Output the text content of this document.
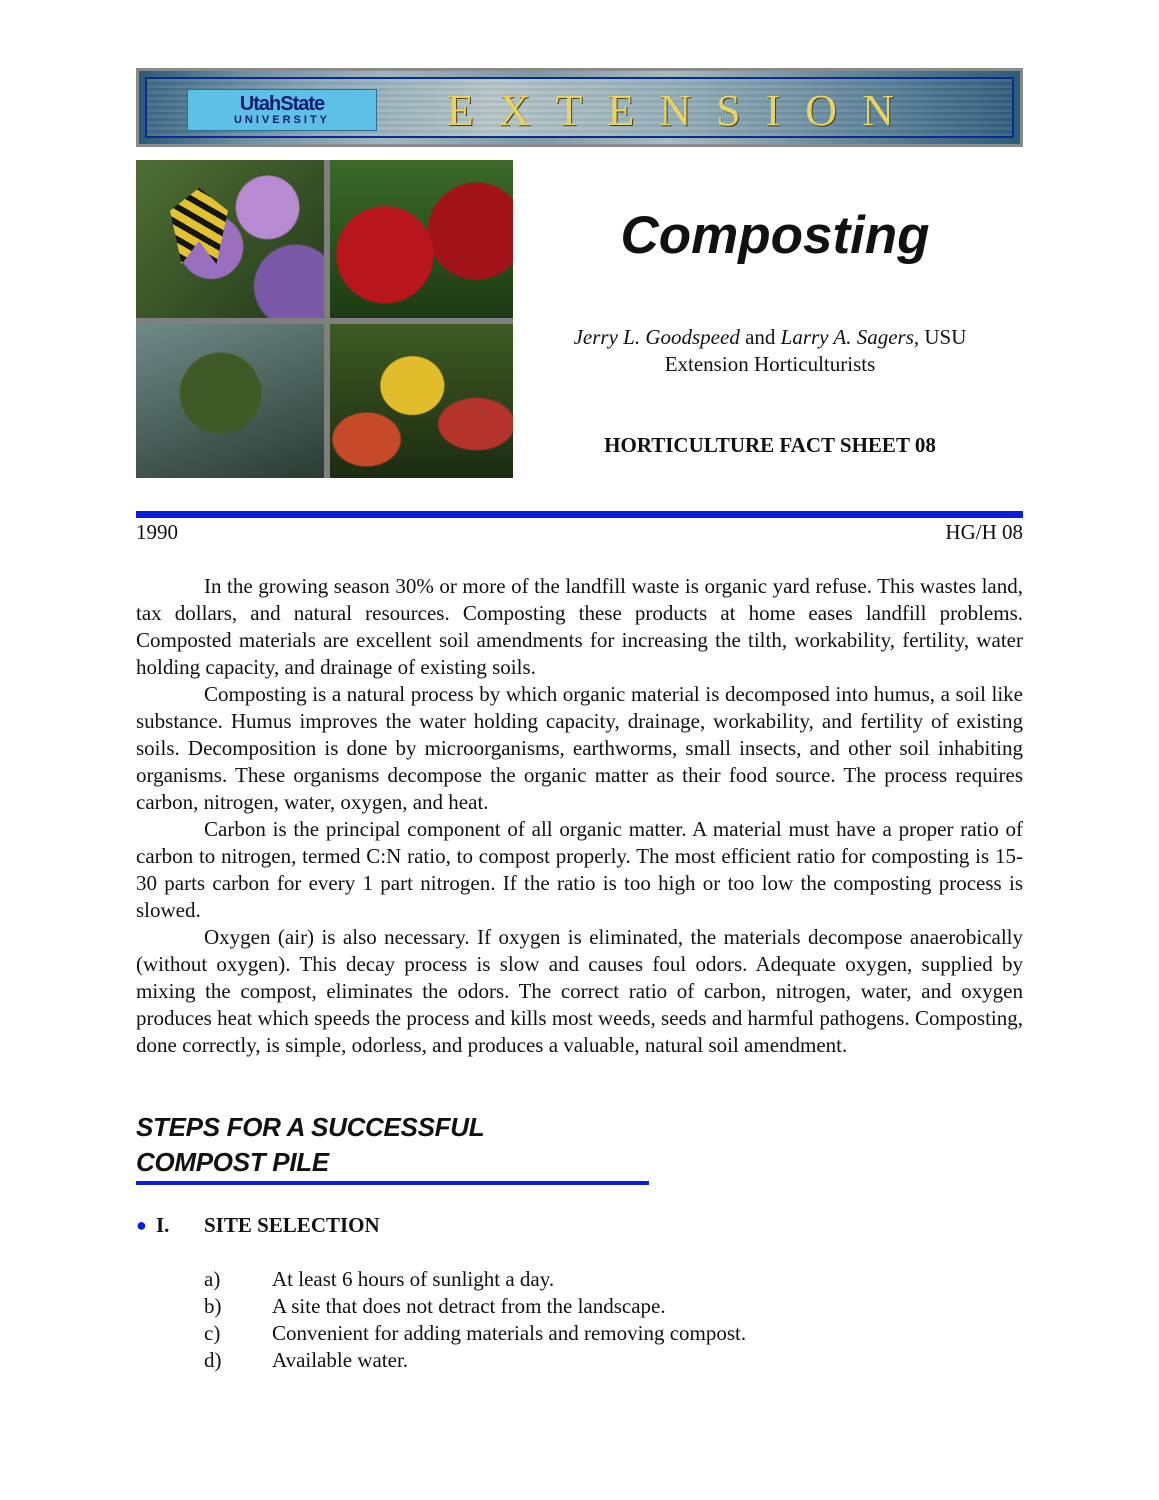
UtahState
UNIVERSITY	EXTENSION
Composting
Jerry L. Goodspeed and Larry A. Sagers, USU
Extension Horticulturists
HORTICULTURE FACT SHEET 08
1990	HG/H 08

In the growing season 30% or more of the landfill waste is organic yard refuse. This wastes land, tax dollars, and natural resources. Composting these products at home eases landfill problems. Composted materials are excellent soil amendments for increasing the tilth, workability, fertility, water holding capacity, and drainage of existing soils.

Composting is a natural process by which organic material is decomposed into humus, a soil like substance. Humus improves the water holding capacity, drainage, workability, and fertility of existing soils. Decomposition is done by microorganisms, earthworms, small insects, and other soil inhabiting organisms. These organisms decompose the organic matter as their food source. The process requires carbon, nitrogen, water, oxygen, and heat.

Carbon is the principal component of all organic matter. A material must have a proper ratio of carbon to nitrogen, termed C:N ratio, to compost properly. The most efficient ratio for composting is 15-30 parts carbon for every 1 part nitrogen. If the ratio is too high or too low the composting process is slowed.

Oxygen (air) is also necessary. If oxygen is eliminated, the materials decompose anaerobically (without oxygen). This decay process is slow and causes foul odors. Adequate oxygen, supplied by mixing the compost, eliminates the odors. The correct ratio of carbon, nitrogen, water, and oxygen produces heat which speeds the process and kills most weeds, seeds and harmful pathogens. Composting, done correctly, is simple, odorless, and produces a valuable, natural soil amendment.

STEPS FOR A SUCCESSFUL
COMPOST PILE
● I. SITE SELECTION
a) At least 6 hours of sunlight a day.
b) A site that does not detract from the landscape.
c) Convenient for adding materials and removing compost.
d) Available water.
